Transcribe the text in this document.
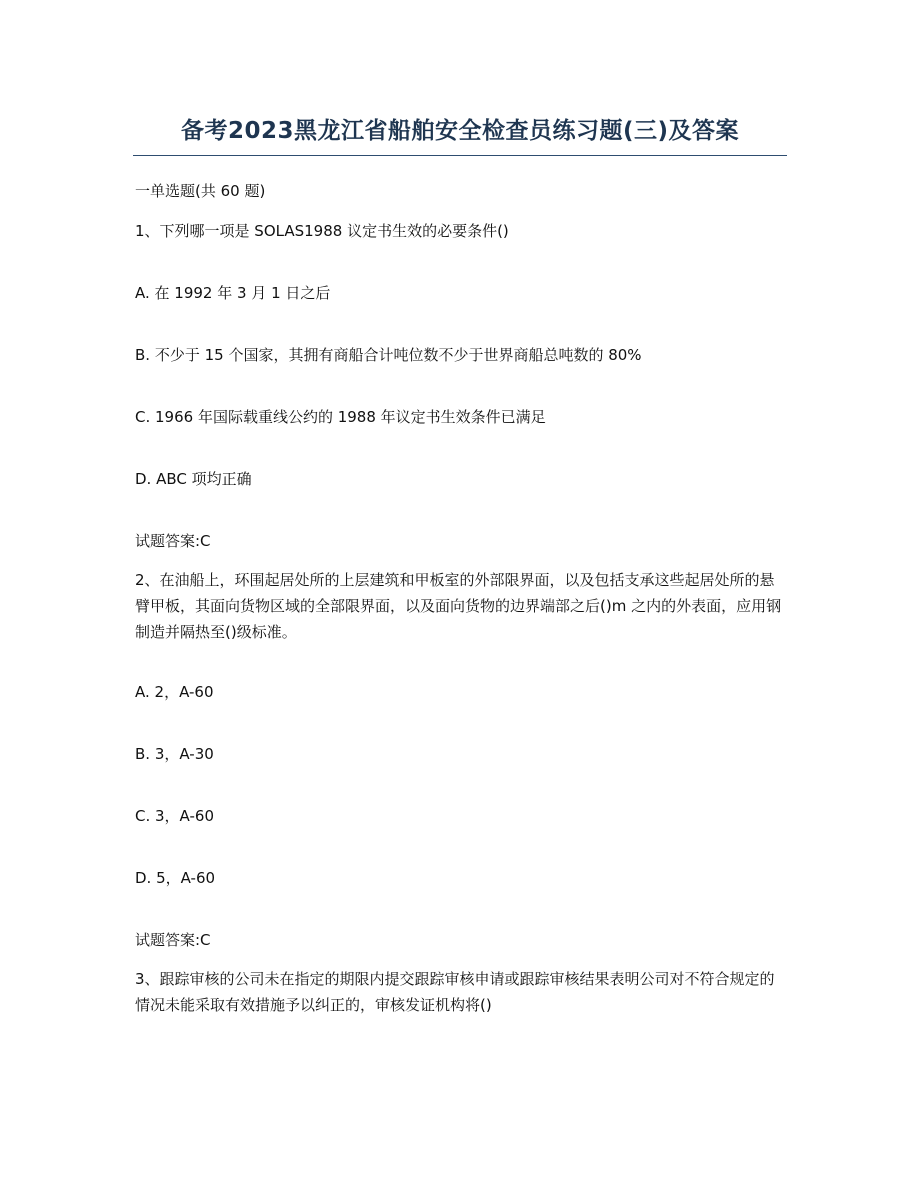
备考2023黑龙江省船舶安全检查员练习题(三)及答案
一单选题(共 60 题)
1、下列哪一项是 SOLAS1988 议定书生效的必要条件()
A. 在 1992 年 3 月 1 日之后
B. 不少于 15 个国家，其拥有商船合计吨位数不少于世界商船总吨数的 80%
C. 1966 年国际载重线公约的 1988 年议定书生效条件已满足
D. ABC 项均正确
试题答案:C
2、在油船上，环围起居处所的上层建筑和甲板室的外部限界面，以及包括支承这些起居处所的悬臂甲板，其面向货物区域的全部限界面，以及面向货物的边界端部之后()m 之内的外表面，应用钢制造并隔热至()级标准。
A. 2，A-60
B. 3，A-30
C. 3，A-60
D. 5，A-60
试题答案:C
3、跟踪审核的公司未在指定的期限内提交跟踪审核申请或跟踪审核结果表明公司对不符合规定的情况未能采取有效措施予以纠正的，审核发证机构将()
